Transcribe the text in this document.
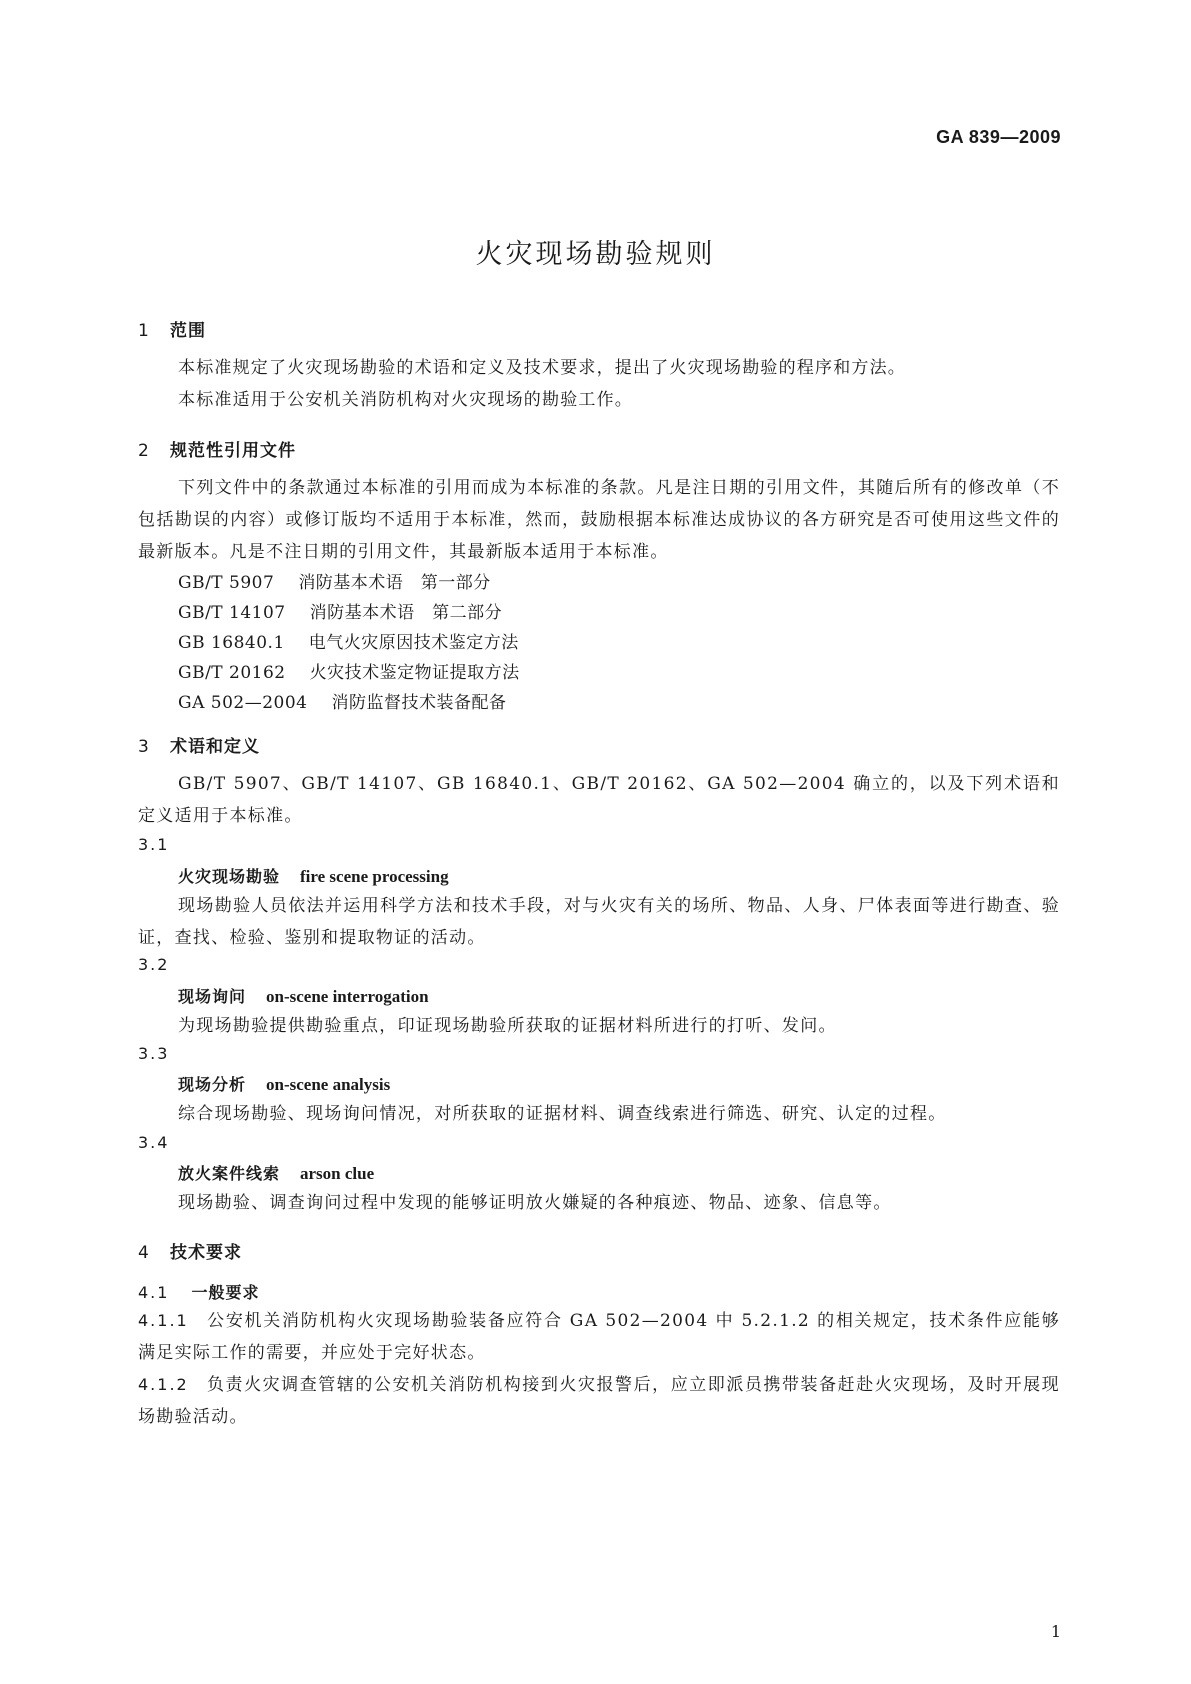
GA 839—2009
火灾现场勘验规则
1 范围
本标准规定了火灾现场勘验的术语和定义及技术要求，提出了火灾现场勘验的程序和方法。
本标准适用于公安机关消防机构对火灾现场的勘验工作。
2 规范性引用文件
下列文件中的条款通过本标准的引用而成为本标准的条款。凡是注日期的引用文件，其随后所有的修改单（不包括勘误的内容）或修订版均不适用于本标准，然而，鼓励根据本标准达成协议的各方研究是否可使用这些文件的最新版本。凡是不注日期的引用文件，其最新版本适用于本标准。
GB/T 5907 消防基本术语　第一部分
GB/T 14107 消防基本术语　第二部分
GB 16840.1 电气火灾原因技术鉴定方法
GB/T 20162 火灾技术鉴定物证提取方法
GA 502—2004 消防监督技术装备配备
3 术语和定义
GB/T 5907、GB/T 14107、GB 16840.1、GB/T 20162、GA 502—2004 确立的，以及下列术语和定义适用于本标准。
3.1
火灾现场勘验 fire scene processing
现场勘验人员依法并运用科学方法和技术手段，对与火灾有关的场所、物品、人身、尸体表面等进行勘查、验证，查找、检验、鉴别和提取物证的活动。
3.2
现场询问 on-scene interrogation
为现场勘验提供勘验重点，印证现场勘验所获取的证据材料所进行的打听、发问。
3.3
现场分析 on-scene analysis
综合现场勘验、现场询问情况，对所获取的证据材料、调查线索进行筛选、研究、认定的过程。
3.4
放火案件线索 arson clue
现场勘验、调查询问过程中发现的能够证明放火嫌疑的各种痕迹、物品、迹象、信息等。
4 技术要求
4.1 一般要求
4.1.1 公安机关消防机构火灾现场勘验装备应符合 GA 502—2004 中 5.2.1.2 的相关规定，技术条件应能够满足实际工作的需要，并应处于完好状态。
4.1.2 负责火灾调查管辖的公安机关消防机构接到火灾报警后，应立即派员携带装备赶赴火灾现场，及时开展现场勘验活动。
1
